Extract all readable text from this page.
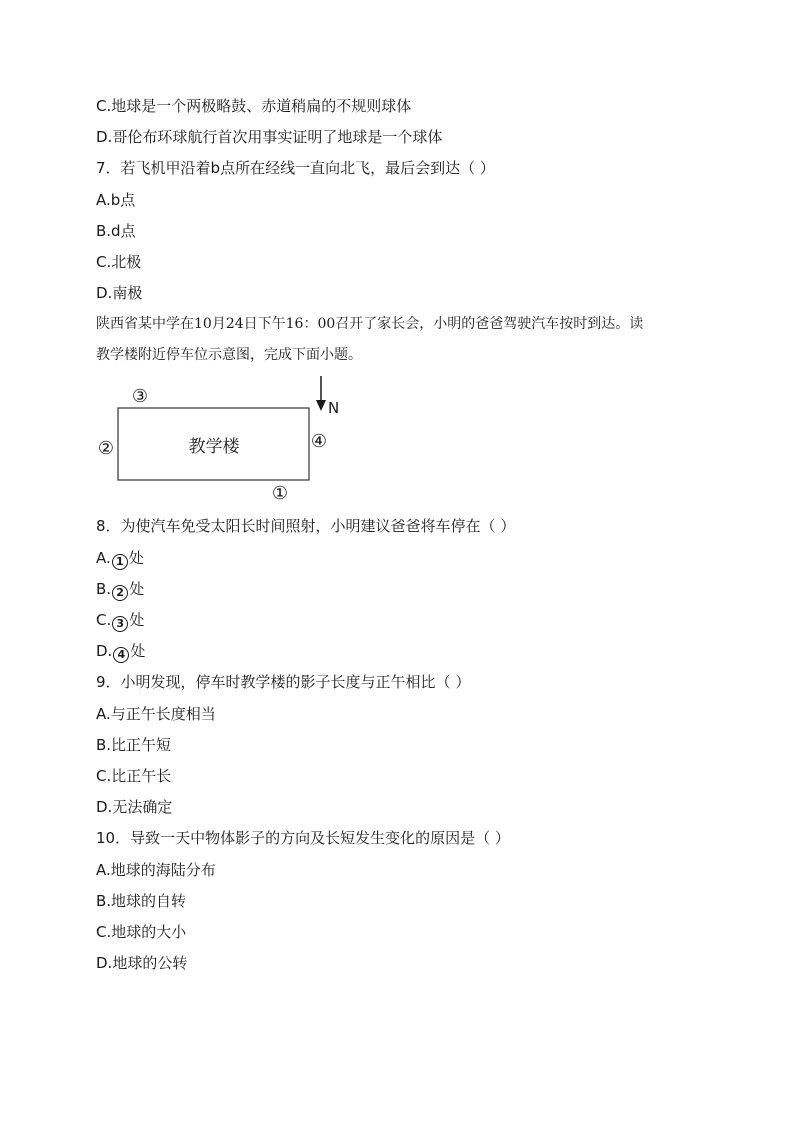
C.地球是一个两极略鼓、赤道稍扁的不规则球体
D.哥伦布环球航行首次用事实证明了地球是一个球体
7．若飞机甲沿着b点所在经线一直向北飞，最后会到达（ ）
A.b点
B.d点
C.北极
D.南极
陕西省某中学在10月24日下午16：00召开了家长会，小明的爸爸驾驶汽车按时到达。读
教学楼附近停车位示意图，完成下面小题。
教学楼
N
①
②
③
④
8．为使汽车免受太阳长时间照射，小明建议爸爸将车停在（ ）
A. 1 处
B. 2 处
C. 3 处
D. 4 处
9．小明发现，停车时教学楼的影子长度与正午相比（ ）
A.与正午长度相当
B.比正午短
C.比正午长
D.无法确定
10．导致一天中物体影子的方向及长短发生变化的原因是（ ）
A.地球的海陆分布
B.地球的自转
C.地球的大小
D.地球的公转
